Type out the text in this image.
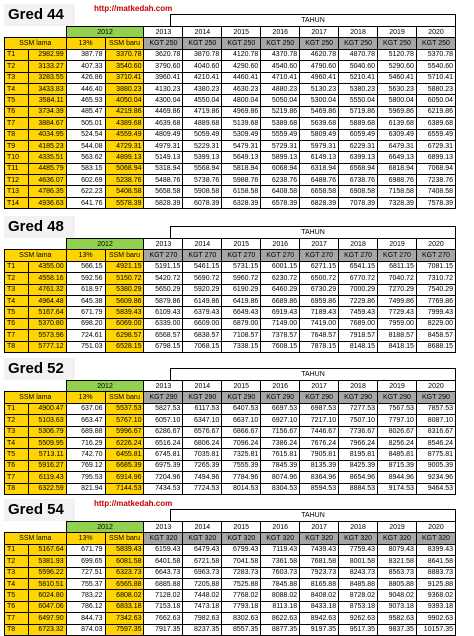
Gred 44	http://matkedah.com
TAHUN
		2012		2013	2014	2015	2016	2017	2018	2019	2020
SSM lama		13%	SSM baru	KGT 250	KGT 250	KGT 250	KGT 250	KGT 250	KGT 250	KGT 250	KGT 250
T1	2982.99	387.78	3370.78	3620.78	3870.78	4120.78	4370.78	4620.78	4870.78	5120.78	5370.78
T2	3133.27	407.33	3540.60	3790.60	4040.60	4290.60	4540.60	4790.60	5040.60	5290.60	5540.60
T3	3283.55	426.86	3710.41	3960.41	4210.41	4460.41	4710.41	4960.41	5210.41	5460.41	5710.41
T4	3433.83	446.40	3880.23	4130.23	4380.23	4630.23	4880.23	5130.23	5380.23	5630.23	5880.23
T5	3584.11	465.93	4050.04	4300.04	4550.04	4800.04	5050.04	5300.04	5550.04	5800.04	6050.04
T6	3734.39	485.47	4219.86	4469.86	4719.86	4969.86	5219.86	5469.86	5719.86	5969.86	6219.86
T7	3884.67	505.01	4389.68	4639.68	4889.68	5139.68	5389.68	5639.68	5889.68	6139.68	6389.68
T8	4034.95	524.54	4559.49	4809.49	5059.49	5309.49	5559.49	5809.49	6059.49	6309.49	6559.49
T9	4185.23	544.08	4729.31	4979.31	5229.31	5479.31	5729.31	5979.31	6229.31	6479.31	6729.31
T10	4335.51	563.62	4899.13	5149.13	5399.13	5649.13	5899.13	6149.13	6399.13	6649.13	6899.13
T11	4485.79	583.15	5068.94	5318.94	5568.94	5818.94	6068.94	6318.94	6568.94	6818.94	7068.94
T12	4636.07	602.69	5238.76	5488.76	5738.76	5988.76	6238.76	6488.76	6738.76	6988.76	7238.76
T13	4786.35	622.23	5408.58	5658.58	5908.58	6158.58	6408.58	6658.58	6908.58	7158.58	7408.58
T14	4936.63	641.76	5578.39	5828.39	6078.39	6328.39	6578.39	6828.39	7078.39	7328.39	7578.39
Gred 48	TAHUN
		2012		2013	2014	2015	2016	2017	2018	2019	2020
SSM lama		13%	SSM baru	KGT 270	KGT 270	KGT 270	KGT 270	KGT 270	KGT 270	KGT 270	KGT 270
T1	4355.00	566.15	4921.15	5191.15	5461.15	5731.15	6001.15	6271.15	6541.15	6811.15	7081.15
T2	4558.16	592.56	5150.72	5420.72	5690.72	5960.72	6230.72	6500.72	6770.72	7040.72	7310.72
T3	4761.32	618.97	5380.29	5650.29	5920.29	6190.29	6460.29	6730.29	7000.29	7270.29	7540.29
T4	4964.48	645.38	5609.86	5879.86	6149.86	6419.86	6689.86	6959.86	7229.86	7499.86	7769.86
T5	5167.64	671.79	5839.43	6109.43	6379.43	6649.43	6919.43	7189.43	7459.43	7729.43	7999.43
T6	5370.80	698.20	6069.00	6339.00	6609.00	6879.00	7149.00	7419.00	7689.00	7959.00	8229.00
T7	5573.96	724.61	6298.57	6568.57	6838.57	7108.57	7378.57	7648.57	7918.57	8188.57	8458.57
T8	5777.12	751.03	6528.15	6798.15	7068.15	7338.15	7608.15	7878.15	8148.15	8418.15	8688.15
Gred 52	TAHUN
		2012		2013	2014	2015	2016	2017	2018	2019	2020
SSM lama		13%	SSM baru	KGT 290	KGT 290	KGT 290	KGT 290	KGT 290	KGT 290	KGT 290	KGT 290
T1	4900.47	637.06	5537.53	5827.53	6117.53	6407.53	6697.53	6987.53	7277.53	7567.53	7857.53
T2	5103.63	663.47	5767.10	6057.10	6347.10	6637.10	6927.10	7217.10	7507.10	7797.10	8087.10
T3	5306.79	689.88	5996.67	6286.67	6576.67	6866.67	7156.67	7446.67	7736.67	8026.67	8316.67
T4	5509.95	716.29	6226.24	6516.24	6806.24	7096.24	7386.24	7676.24	7966.24	8256.24	8546.24
T5	5713.11	742.70	6455.81	6745.81	7035.81	7325.81	7615.81	7905.81	8195.81	8485.81	8775.81
T6	5916.27	769.12	6685.39	6975.39	7265.39	7555.39	7845.39	8135.39	8425.39	8715.39	9005.39
T7	6119.43	795.53	6914.96	7204.96	7494.96	7784.96	8074.96	8364.96	8654.96	8944.96	9234.96
T8	6322.59	821.94	7144.53	7434.53	7724.53	8014.53	8304.53	8594.53	8884.53	9174.53	9464.53
Gred 54	http://matkedah.com
TAHUN
		2012		2013	2014	2015	2016	2017	2018	2019	2020
SSM lama		13%	SSM baru	KGT 320	KGT 320	KGT 320	KGT 320	KGT 320	KGT 320	KGT 320	KGT 320
T1	5167.64	671.79	5839.43	6159.43	6479.43	6799.43	7119.43	7439.43	7759.43	8079.43	8399.43
T2	5381.93	699.65	6081.58	6401.58	6721.58	7041.58	7361.58	7681.58	8001.58	8321.58	8641.58
T3	5596.22	727.51	6323.73	6643.73	6963.73	7283.73	7603.73	7923.73	8243.73	8563.73	8883.73
T4	5810.51	755.37	6565.88	6885.88	7205.88	7525.88	7845.88	8165.88	8485.88	8805.88	9125.88
T5	6024.80	783.22	6808.02	7128.02	7448.02	7768.02	8088.02	8408.02	8728.02	9048.02	9368.02
T6	6047.06	786.12	6833.18	7153.18	7473.18	7793.18	8113.18	8433.18	8753.18	9073.18	9393.18
T7	6497.90	844.73	7342.63	7662.63	7982.63	8302.63	8622.63	8942.63	9262.63	9582.63	9902.63
T8	6723.32	874.03	7597.35	7917.35	8237.35	8557.35	8877.35	9197.35	9517.35	9837.35	10157.35
